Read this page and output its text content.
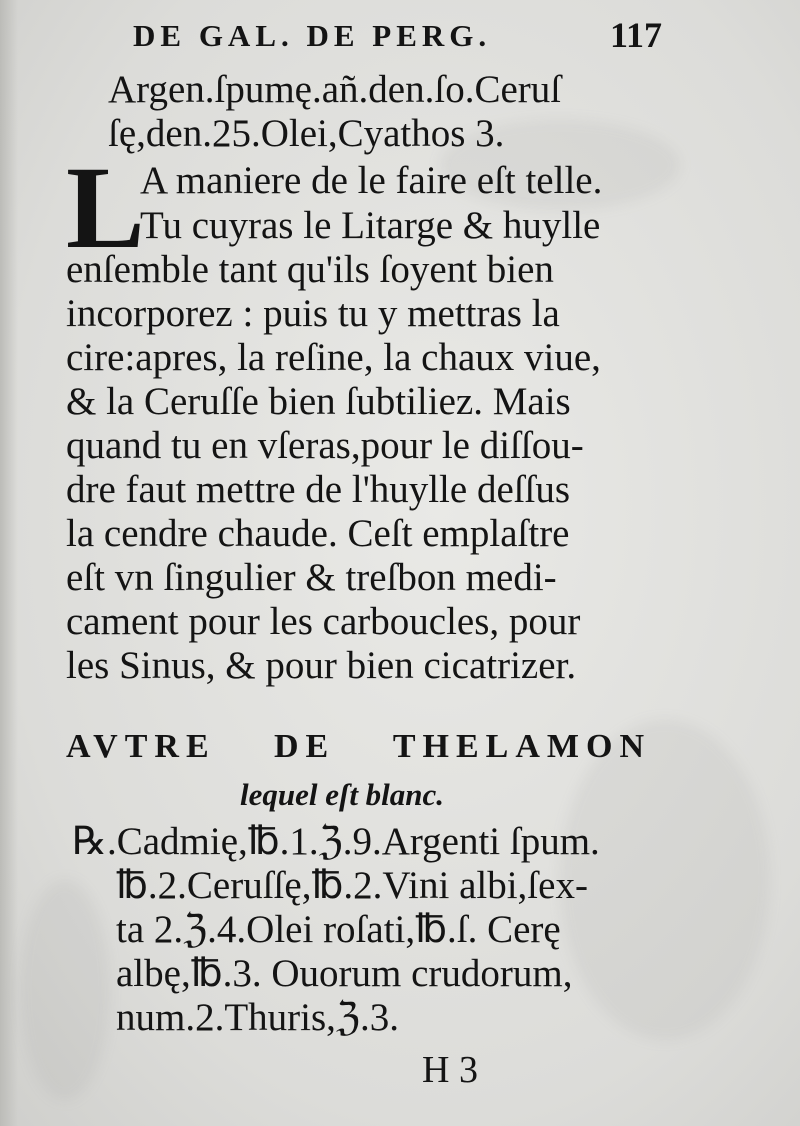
DE GAL. DE PERG.	117
Argen.ſpumę.añ.den.ſo.Ceruſ
ſę,den.25.Olei,Cyathos 3.
L
A maniere de le faire eſt telle.
Tu cuyras le Litarge & huylle
enſemble tant qu'ils ſoyent bien
incorporez : puis tu y mettras la
cire:apres, la reſine, la chaux viue,
& la Ceruſſe bien ſubtiliez. Mais
quand tu en vſeras,pour le diſſou-
dre faut mettre de l'huylle deſſus
la cendre chaude. Ceſt emplaſtre
eſt vn ſingulier & treſbon medi-
cament pour les carboucles, pour
les Sinus, & pour bien cicatrizer.
AVTRE DE THELAMON
lequel eſt blanc.
℞.Cadmię,℔.1.ℨ.9.Argenti ſpum.
℔.2.Ceruſſę,℔.2.Vini albi,ſex-
ta 2.ℨ.4.Olei roſati,℔.ſ. Cerę
albę,℔.3. Ouorum crudorum,
num.2.Thuris,ℨ.3.
H 3
